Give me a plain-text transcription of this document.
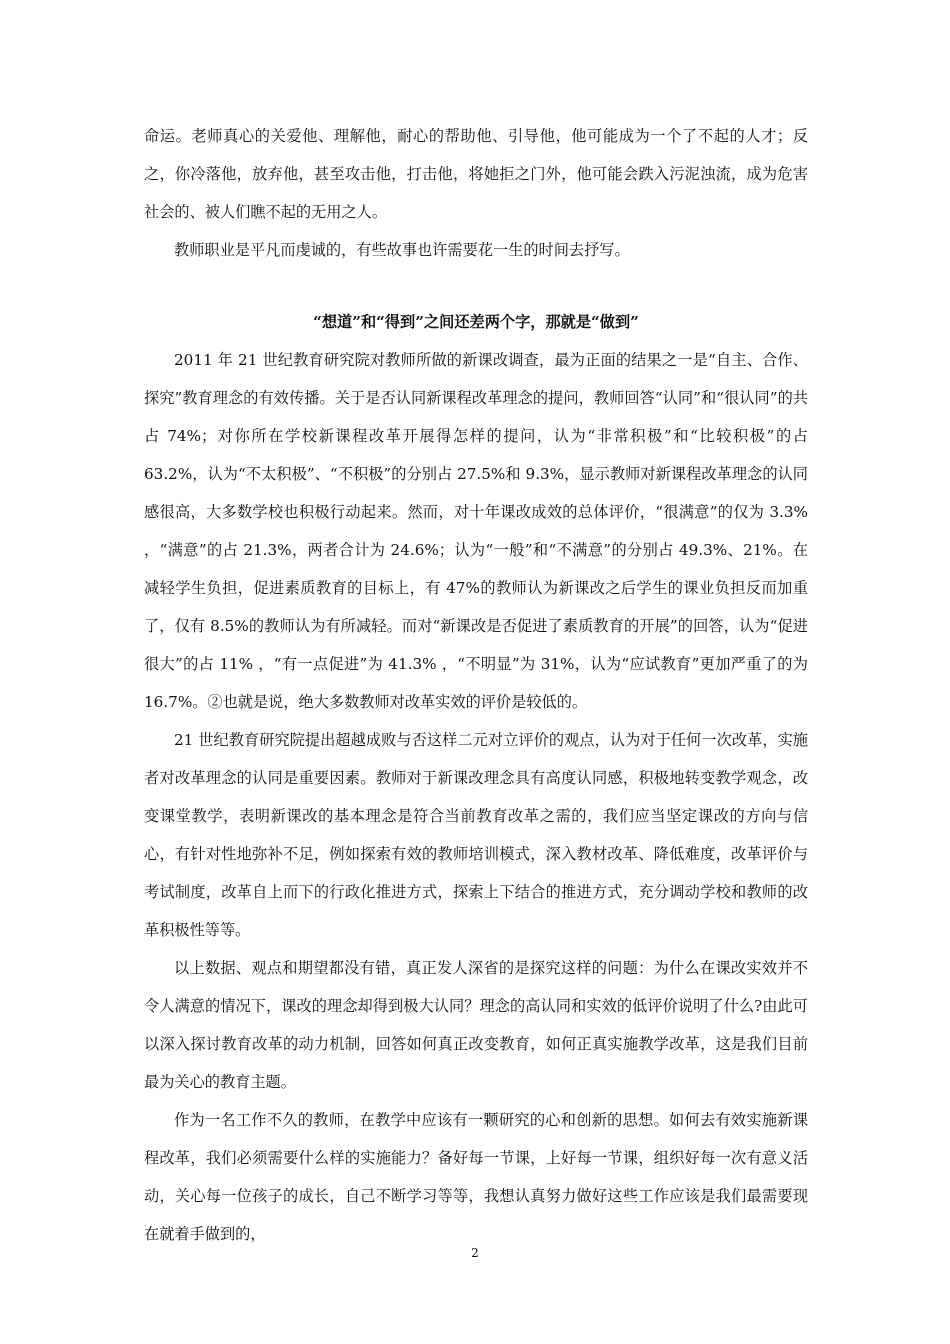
命运。老师真心的关爱他、理解他，耐心的帮助他、引导他，他可能成为一个了不起的人才；反之，你冷落他，放弃他，甚至攻击他，打击他，将她拒之门外，他可能会跌入污泥浊流，成为危害社会的、被人们瞧不起的无用之人。

教师职业是平凡而虔诚的，有些故事也许需要花一生的时间去抒写。

“想道”和“得到”之间还差两个字，那就是“做到”

2011 年 21 世纪教育研究院对教师所做的新课改调查，最为正面的结果之一是“自主、合作、探究”教育理念的有效传播。关于是否认同新课程改革理念的提问，教师回答“认同”和“很认同”的共占 74%；对你所在学校新课程改革开展得怎样的提问，认为“非常积极”和“比较积极”的占 63.2%，认为“不太积极”、“不积极”的分别占 27.5%和 9.3%，显示教师对新课程改革理念的认同感很高，大多数学校也积极行动起来。然而，对十年课改成效的总体评价，“很满意”的仅为 3.3% ，“满意”的占 21.3%，两者合计为 24.6%；认为“一般”和“不满意”的分别占 49.3%、21%。在减轻学生负担，促进素质教育的目标上，有 47%的教师认为新课改之后学生的课业负担反而加重了，仅有 8.5%的教师认为有所减轻。而对“新课改是否促进了素质教育的开展”的回答，认为“促进很大”的占 11% ，“有一点促进”为 41.3% ，“不明显”为 31%，认为“应试教育”更加严重了的为 16.7%。②也就是说，绝大多数教师对改革实效的评价是较低的。

21 世纪教育研究院提出超越成败与否这样二元对立评价的观点，认为对于任何一次改革，实施者对改革理念的认同是重要因素。教师对于新课改理念具有高度认同感，积极地转变教学观念，改变课堂教学，表明新课改的基本理念是符合当前教育改革之需的，我们应当坚定课改的方向与信心，有针对性地弥补不足，例如探索有效的教师培训模式，深入教材改革、降低难度，改革评价与考试制度，改革自上而下的行政化推进方式，探索上下结合的推进方式，充分调动学校和教师的改革积极性等等。

以上数据、观点和期望都没有错，真正发人深省的是探究这样的问题：为什么在课改实效并不令人满意的情况下，课改的理念却得到极大认同？理念的高认同和实效的低评价说明了什么?由此可以深入探讨教育改革的动力机制，回答如何真正改变教育，如何正真实施教学改革，这是我们目前最为关心的教育主题。

作为一名工作不久的教师，在教学中应该有一颗研究的心和创新的思想。如何去有效实施新课程改革，我们必须需要什么样的实施能力？备好每一节课，上好每一节课，组织好每一次有意义活动，关心每一位孩子的成长，自己不断学习等等，我想认真努力做好这些工作应该是我们最需要现在就着手做到的，

2
